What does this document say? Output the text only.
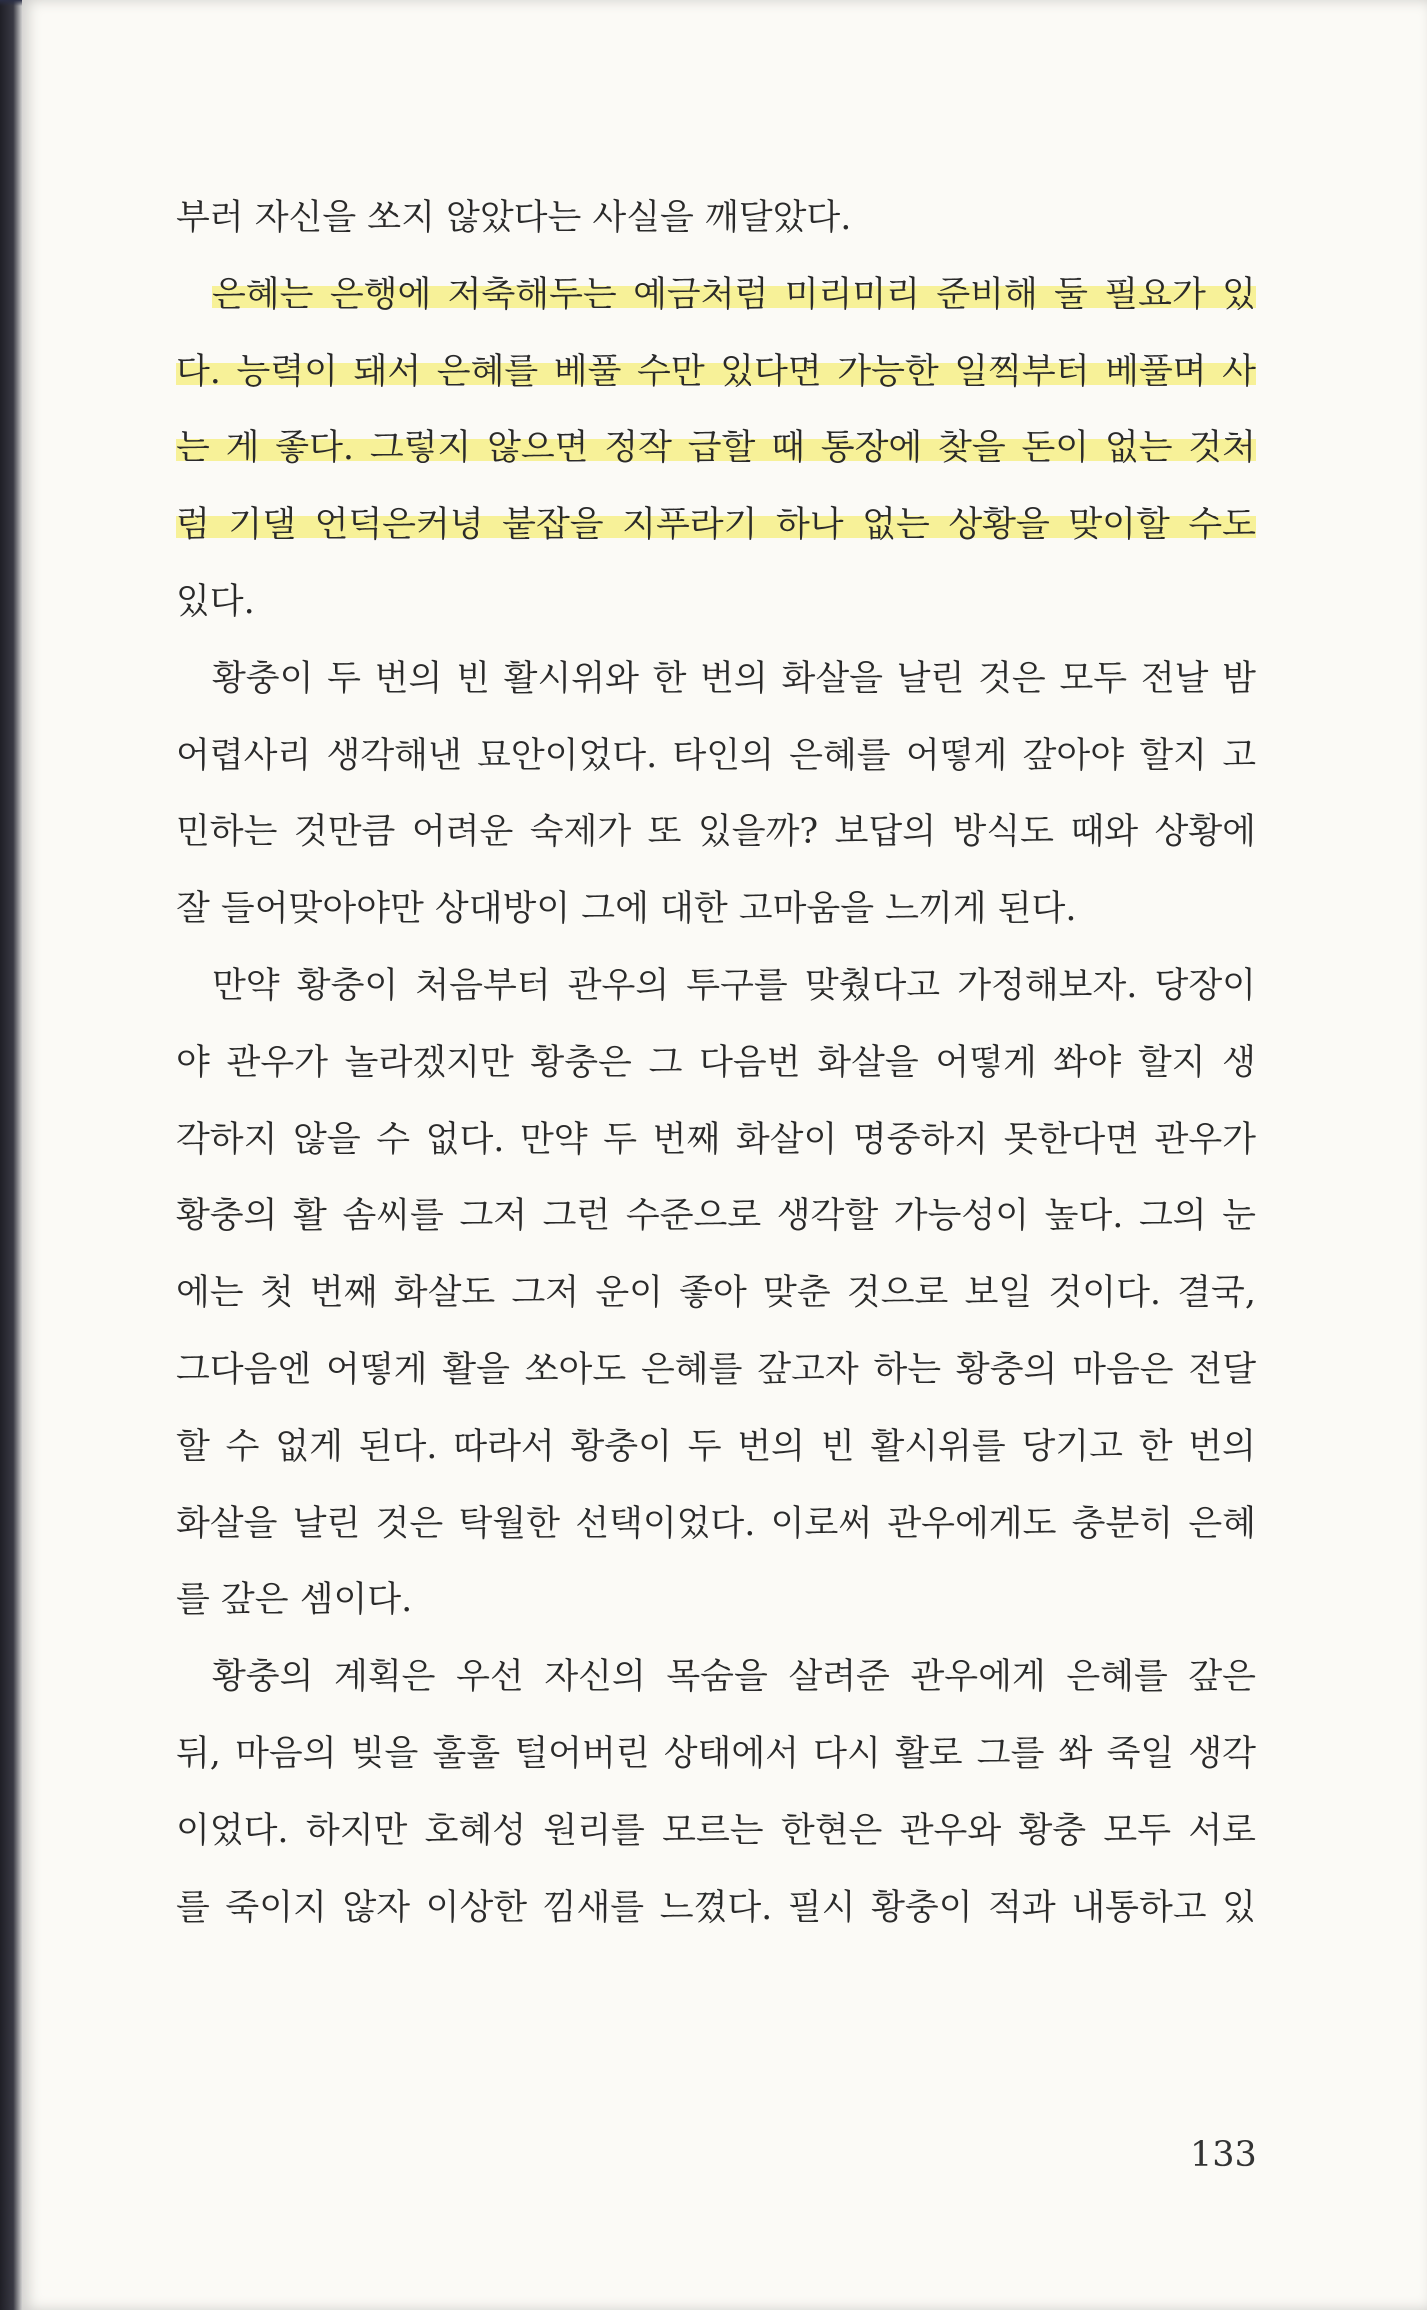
부러 자신을 쏘지 않았다는 사실을 깨달았다.
은혜는 은행에 저축해두는 예금처럼 미리미리 준비해 둘 필요가 있
다. 능력이 돼서 은혜를 베풀 수만 있다면 가능한 일찍부터 베풀며 사
는 게 좋다. 그렇지 않으면 정작 급할 때 통장에 찾을 돈이 없는 것처
럼 기댈 언덕은커녕 붙잡을 지푸라기 하나 없는 상황을 맞이할 수도
있다.
황충이 두 번의 빈 활시위와 한 번의 화살을 날린 것은 모두 전날 밤
어렵사리 생각해낸 묘안이었다. 타인의 은혜를 어떻게 갚아야 할지 고
민하는 것만큼 어려운 숙제가 또 있을까? 보답의 방식도 때와 상황에
잘 들어맞아야만 상대방이 그에 대한 고마움을 느끼게 된다.
만약 황충이 처음부터 관우의 투구를 맞췄다고 가정해보자. 당장이
야 관우가 놀라겠지만 황충은 그 다음번 화살을 어떻게 쏴야 할지 생
각하지 않을 수 없다. 만약 두 번째 화살이 명중하지 못한다면 관우가
황충의 활 솜씨를 그저 그런 수준으로 생각할 가능성이 높다. 그의 눈
에는 첫 번째 화살도 그저 운이 좋아 맞춘 것으로 보일 것이다. 결국,
그다음엔 어떻게 활을 쏘아도 은혜를 갚고자 하는 황충의 마음은 전달
할 수 없게 된다. 따라서 황충이 두 번의 빈 활시위를 당기고 한 번의
화살을 날린 것은 탁월한 선택이었다. 이로써 관우에게도 충분히 은혜
를 갚은 셈이다.
황충의 계획은 우선 자신의 목숨을 살려준 관우에게 은혜를 갚은
뒤, 마음의 빚을 훌훌 털어버린 상태에서 다시 활로 그를 쏴 죽일 생각
이었다. 하지만 호혜성 원리를 모르는 한현은 관우와 황충 모두 서로
를 죽이지 않자 이상한 낌새를 느꼈다. 필시 황충이 적과 내통하고 있
133
